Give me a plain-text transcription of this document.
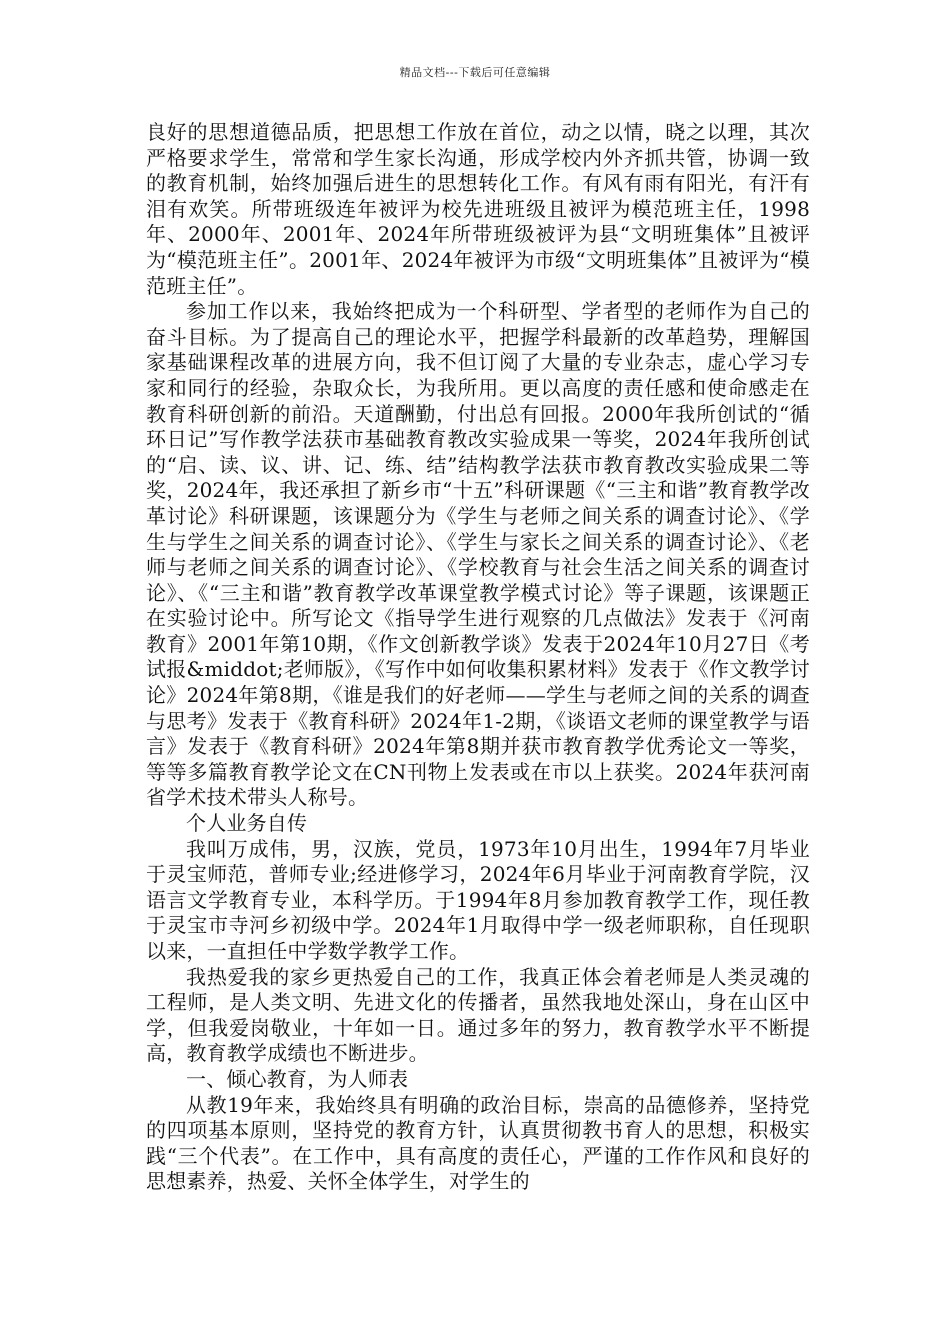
精品文档---下载后可任意编辑

良好的思想道德品质，把思想工作放在首位，动之以情，晓之以理，其次严格要求学生，常常和学生家长沟通，形成学校内外齐抓共管，协调一致的教育机制，始终加强后进生的思想转化工作。有风有雨有阳光，有汗有泪有欢笑。所带班级连年被评为校先进班级且被评为模范班主任，1998年、2000年、2001年、2024年所带班级被评为县“文明班集体”且被评为“模范班主任”。2001年、2024年被评为市级“文明班集体”且被评为“模范班主任”。

参加工作以来，我始终把成为一个科研型、学者型的老师作为自己的奋斗目标。为了提高自己的理论水平，把握学科最新的改革趋势，理解国家基础课程改革的进展方向，我不但订阅了大量的专业杂志，虚心学习专家和同行的经验，杂取众长，为我所用。更以高度的责任感和使命感走在教育科研创新的前沿。天道酬勤，付出总有回报。2000年我所创试的“循环日记”写作教学法获市基础教育教改实验成果一等奖，2024年我所创试的“启、读、议、讲、记、练、结”结构教学法获市教育教改实验成果二等奖，2024年，我还承担了新乡市“十五”科研课题《“三主和谐”教育教学改革讨论》科研课题，该课题分为《学生与老师之间关系的调查讨论》、《学生与学生之间关系的调查讨论》、《学生与家长之间关系的调查讨论》、《老师与老师之间关系的调查讨论》、《学校教育与社会生活之间关系的调查讨论》、《“三主和谐”教育教学改革课堂教学模式讨论》等子课题，该课题正在实验讨论中。所写论文《指导学生进行观察的几点做法》发表于《河南教育》2001年第10期，《作文创新教学谈》发表于2024年10月27日《考试报&middot;老师版》，《写作中如何收集积累材料》发表于《作文教学讨论》2024年第8期，《谁是我们的好老师——学生与老师之间的关系的调查与思考》发表于《教育科研》2024年1-2期，《谈语文老师的课堂教学与语言》发表于《教育科研》2024年第8期并获市教育教学优秀论文一等奖，等等多篇教育教学论文在CN刊物上发表或在市以上获奖。2024年获河南省学术技术带头人称号。

个人业务自传

我叫万成伟，男，汉族，党员，1973年10月出生，1994年7月毕业于灵宝师范，普师专业;经进修学习，2024年6月毕业于河南教育学院，汉语言文学教育专业，本科学历。于1994年8月参加教育教学工作，现任教于灵宝市寺河乡初级中学。2024年1月取得中学一级老师职称，自任现职以来，一直担任中学数学教学工作。

我热爱我的家乡更热爱自己的工作，我真正体会着老师是人类灵魂的工程师，是人类文明、先进文化的传播者，虽然我地处深山，身在山区中学，但我爱岗敬业，十年如一日。通过多年的努力，教育教学水平不断提高，教育教学成绩也不断进步。

一、倾心教育，为人师表

从教19年来，我始终具有明确的政治目标，崇高的品德修养，坚持党的四项基本原则，坚持党的教育方针，认真贯彻教书育人的思想，积极实践“三个代表”。在工作中，具有高度的责任心，严谨的工作作风和良好的思想素养，热爱、关怀全体学生，对学生的
